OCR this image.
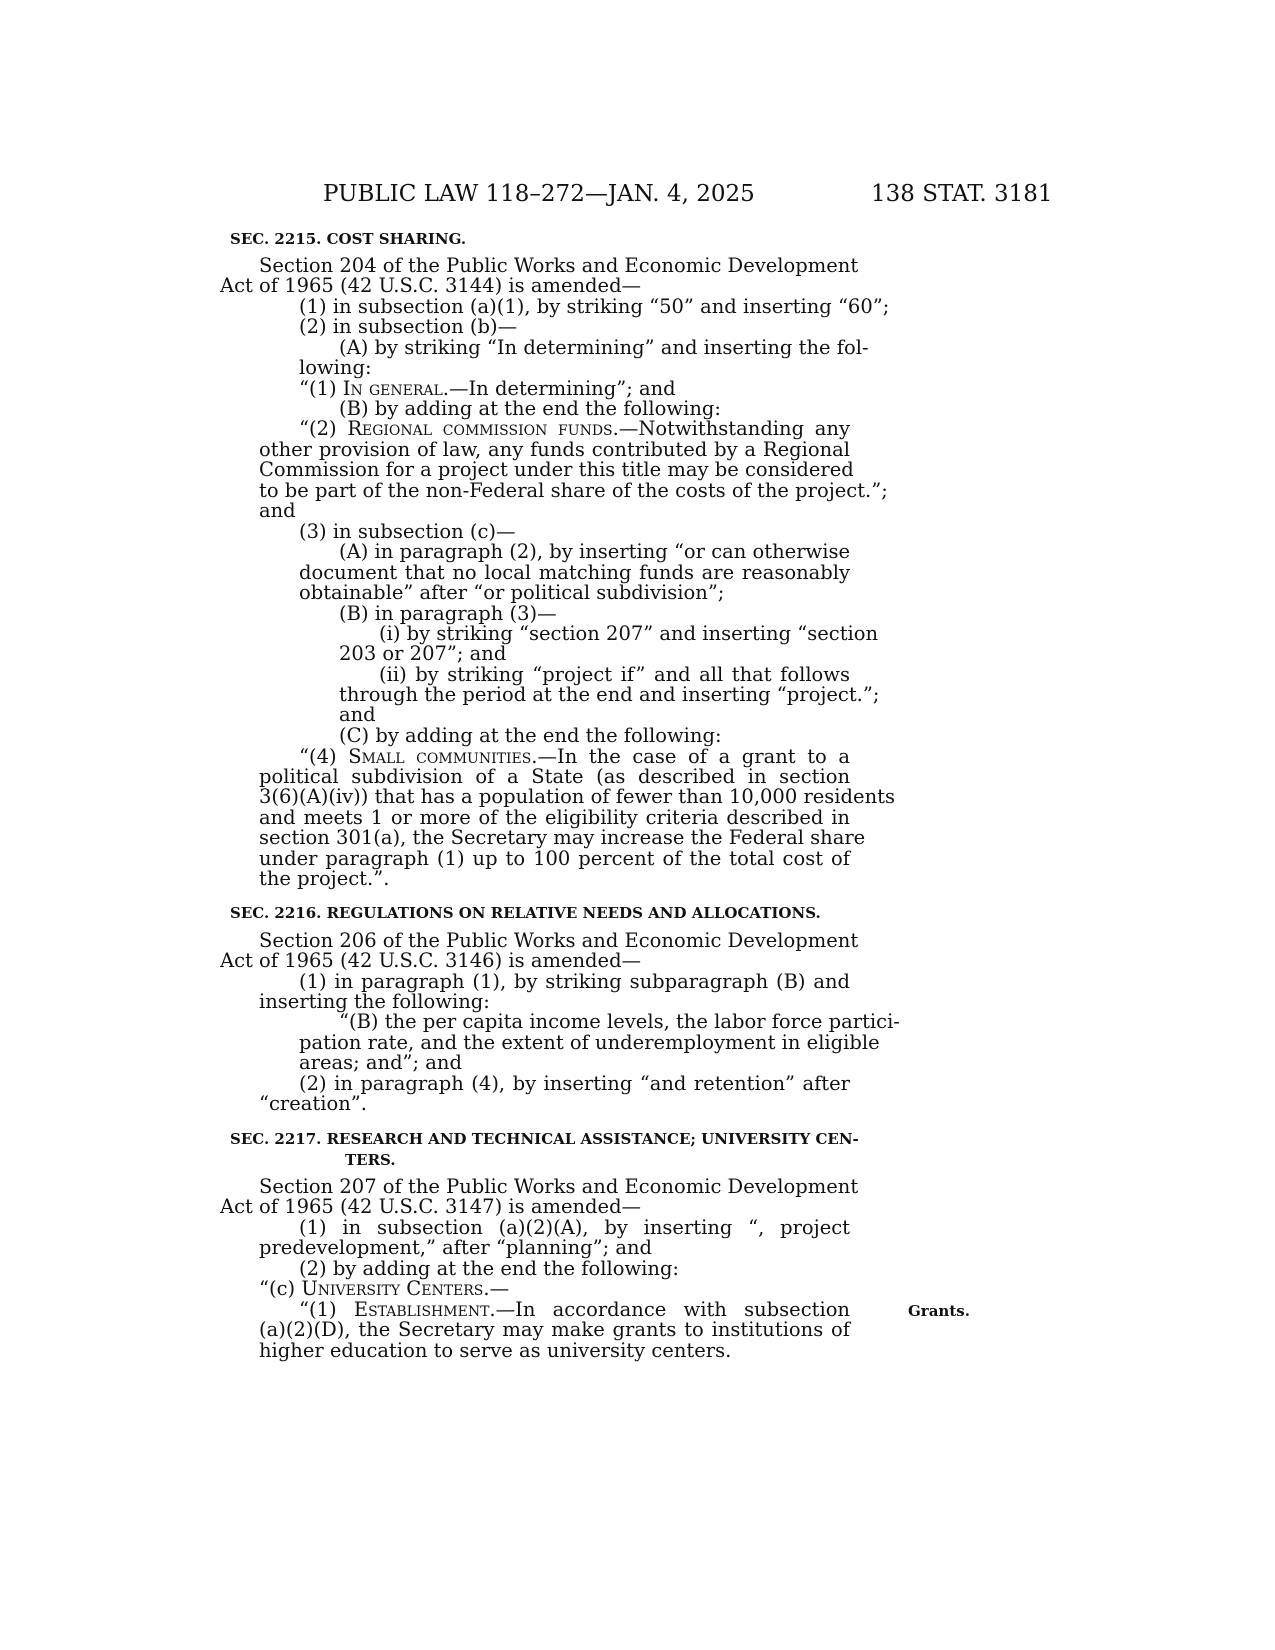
PUBLIC LAW 118–272—JAN. 4, 2025	138 STAT. 3181
SEC. 2215. COST SHARING.
Section 204 of the Public Works and Economic Development
Act of 1965 (42 U.S.C. 3144) is amended—
(1) in subsection (a)(1), by striking “50” and inserting “60”;
(2) in subsection (b)—
(A) by striking “In determining” and inserting the fol-
lowing:
“(1) In general.—In determining”; and
(B) by adding at the end the following:
“(2) Regional commission funds.—Notwithstanding any
other provision of law, any funds contributed by a Regional
Commission for a project under this title may be considered
to be part of the non-Federal share of the costs of the project.”;
and
(3) in subsection (c)—
(A) in paragraph (2), by inserting “or can otherwise
document that no local matching funds are reasonably
obtainable” after “or political subdivision”;
(B) in paragraph (3)—
(i) by striking “section 207” and inserting “section
203 or 207”; and
(ii) by striking “project if” and all that follows
through the period at the end and inserting “project.”;
and
(C) by adding at the end the following:
“(4) Small communities.—In the case of a grant to a
political subdivision of a State (as described in section
3(6)(A)(iv)) that has a population of fewer than 10,000 residents
and meets 1 or more of the eligibility criteria described in
section 301(a), the Secretary may increase the Federal share
under paragraph (1) up to 100 percent of the total cost of
the project.”.
SEC. 2216. REGULATIONS ON RELATIVE NEEDS AND ALLOCATIONS.
Section 206 of the Public Works and Economic Development
Act of 1965 (42 U.S.C. 3146) is amended—
(1) in paragraph (1), by striking subparagraph (B) and
inserting the following:
“(B) the per capita income levels, the labor force partici-
pation rate, and the extent of underemployment in eligible
areas; and”; and
(2) in paragraph (4), by inserting “and retention” after
“creation”.
SEC. 2217. RESEARCH AND TECHNICAL ASSISTANCE; UNIVERSITY CEN-
TERS.
Section 207 of the Public Works and Economic Development
Act of 1965 (42 U.S.C. 3147) is amended—
(1) in subsection (a)(2)(A), by inserting “, project
predevelopment,” after “planning”; and
(2) by adding at the end the following:
“(c) University Centers.—
“(1) Establishment.—In accordance with subsection
(a)(2)(D), the Secretary may make grants to institutions of
higher education to serve as university centers.
Grants.
